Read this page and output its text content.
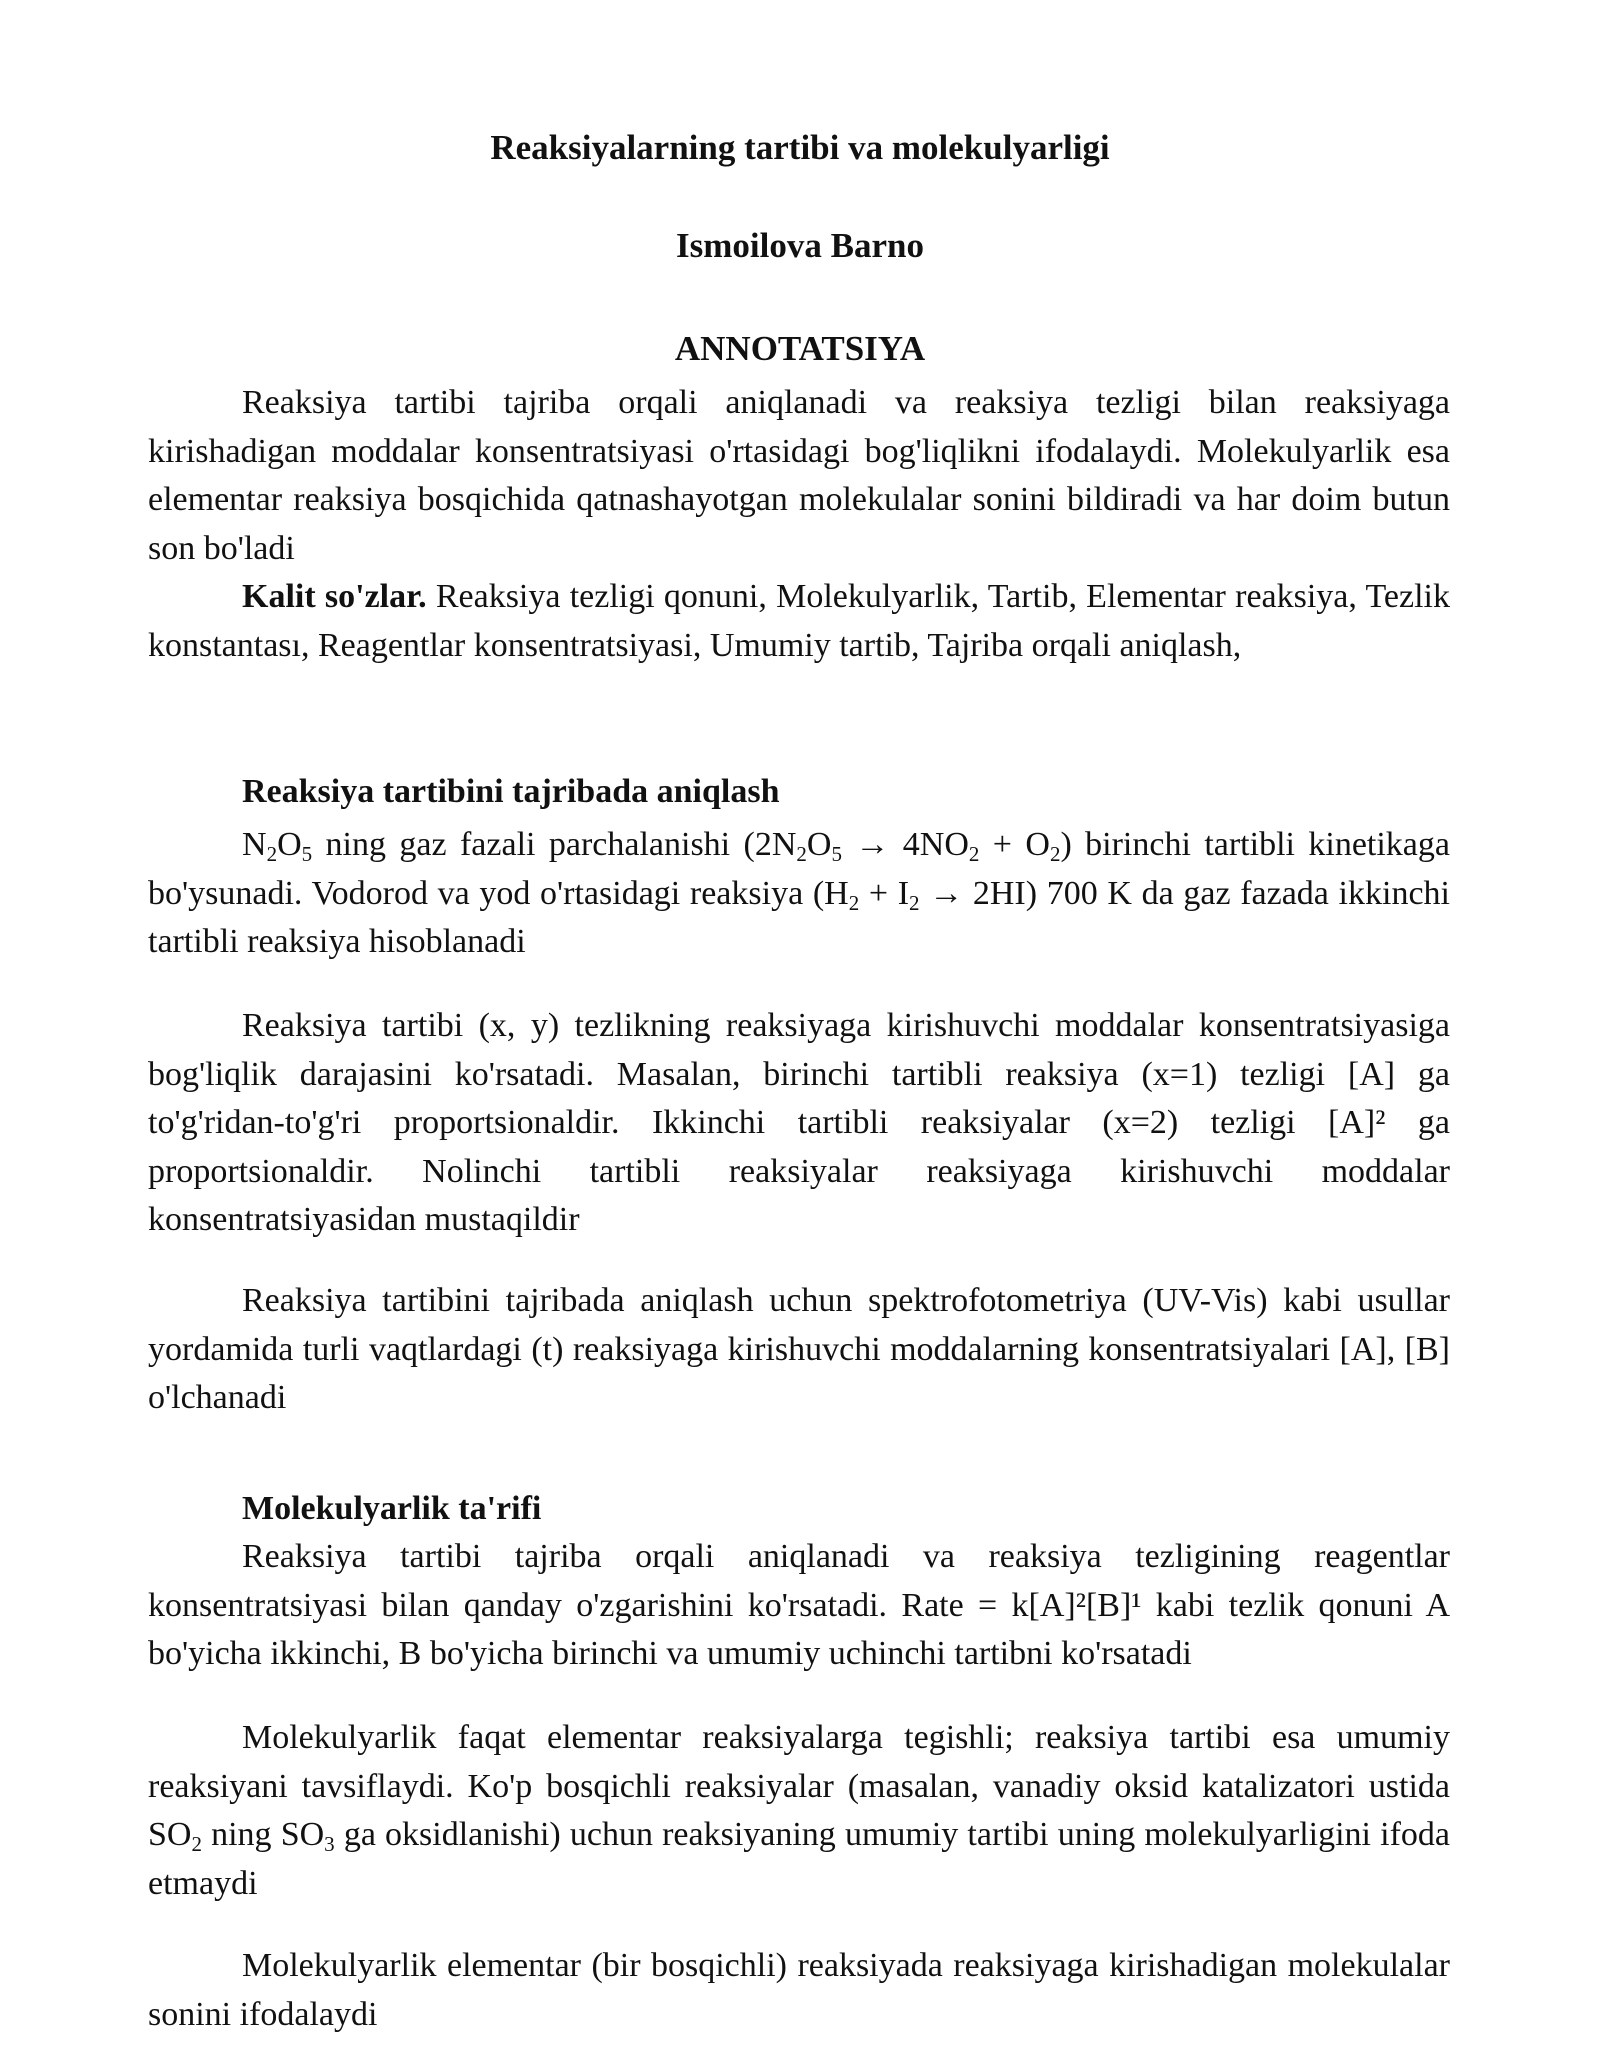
Reaksiyalarning tartibi va molekulyarligi
Ismoilova Barno
ANNOTATSIYA

Reaksiya tartibi tajriba orqali aniqlanadi va reaksiya tezligi bilan reaksiyaga kirishadigan moddalar konsentratsiyasi o'rtasidagi bog'liqlikni ifodalaydi. Molekulyarlik esa elementar reaksiya bosqichida qatnashayotgan molekulalar sonini bildiradi va har doim butun son bo'ladi

Kalit so'zlar. Reaksiya tezligi qonuni, Molekulyarlik, Tartib, Elementar reaksiya, Tezlik konstantası, Reagentlar konsentratsiyasi, Umumiy tartib, Tajriba orqali aniqlash,

Reaksiya tartibini tajribada aniqlash

$N_2O_5$ ning gaz fazali parchalanishi $(2N_2O_5 \to 4NO_2 + O_2)$ birinchi tartibli kinetikaga bo'ysunadi. Vodorod va yod o'rtasidagi reaksiya $(H_2 + I_2 \to 2HI)$ 700 K da gaz fazada ikkinchi tartibli reaksiya hisoblanadi

Reaksiya tartibi (x, y) tezlikning reaksiyaga kirishuvchi moddalar konsentratsiyasiga bog'liqlik darajasini ko'rsatadi. Masalan, birinchi tartibli reaksiya (x=1) tezligi [A] ga to'g'ridan-to'g'ri proportsionaldir. Ikkinchi tartibli reaksiyalar (x=2) tezligi [A]² ga proportsionaldir. Nolinchi tartibli reaksiyalar reaksiyaga kirishuvchi moddalar konsentratsiyasidan mustaqildir

Reaksiya tartibini tajribada aniqlash uchun spektrofotometriya (UV-Vis) kabi usullar yordamida turli vaqtlardagi (t) reaksiyaga kirishuvchi moddalarning konsentratsiyalari [A], [B] o'lchanadi

Molekulyarlik ta'rifi

Reaksiya tartibi tajriba orqali aniqlanadi va reaksiya tezligining reagentlar konsentratsiyasi bilan qanday o'zgarishini ko'rsatadi. Rate = k[A]²[B]¹ kabi tezlik qonuni A bo'yicha ikkinchi, B bo'yicha birinchi va umumiy uchinchi tartibni ko'rsatadi

Molekulyarlik faqat elementar reaksiyalarga tegishli; reaksiya tartibi esa umumiy reaksiyani tavsiflaydi. Ko'p bosqichli reaksiyalar (masalan, vanadiy oksid katalizatori ustida $SO_2$ ning $SO_3$ ga oksidlanishi) uchun reaksiyaning umumiy tartibi uning molekulyarligini ifoda etmaydi

Molekulyarlik elementar (bir bosqichli) reaksiyada reaksiyaga kirishadigan molekulalar sonini ifodalaydi
